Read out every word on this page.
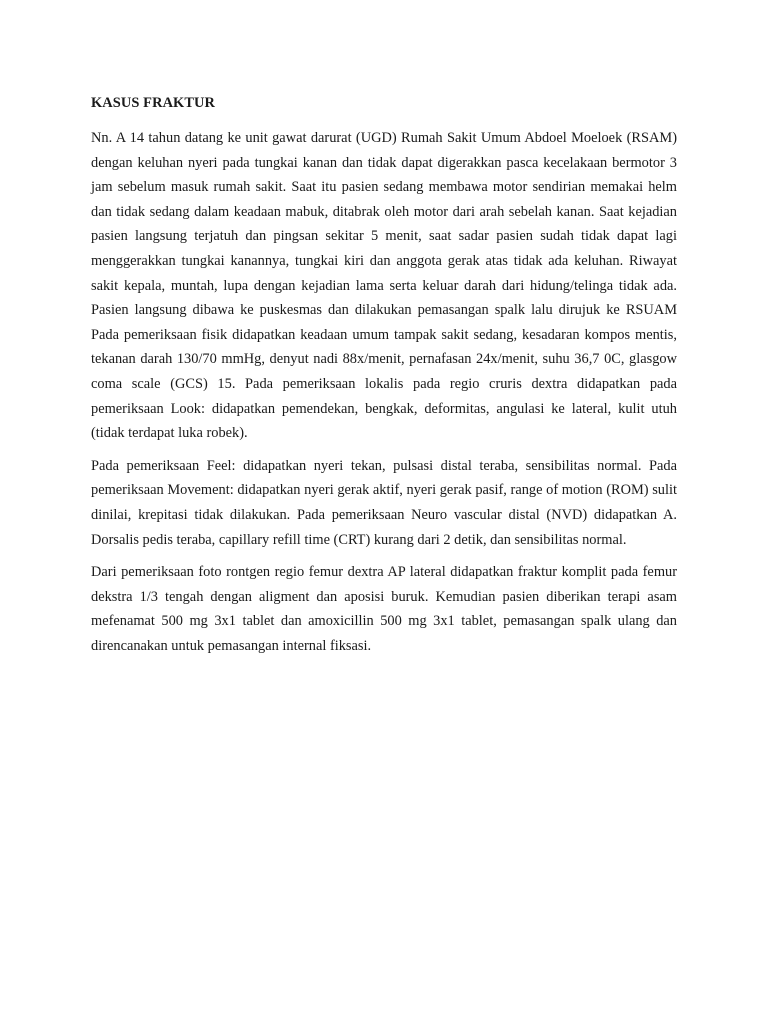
KASUS FRAKTUR

Nn. A 14 tahun datang ke unit gawat darurat (UGD) Rumah Sakit Umum Abdoel Moeloek (RSAM) dengan keluhan nyeri pada tungkai kanan dan tidak dapat digerakkan pasca kecelakaan bermotor 3 jam sebelum masuk rumah sakit. Saat itu pasien sedang membawa motor sendirian memakai helm dan tidak sedang dalam keadaan mabuk, ditabrak oleh motor dari arah sebelah kanan. Saat kejadian pasien langsung terjatuh dan pingsan sekitar 5 menit, saat sadar pasien sudah tidak dapat lagi menggerakkan tungkai kanannya, tungkai kiri dan anggota gerak atas tidak ada keluhan. Riwayat sakit kepala, muntah, lupa dengan kejadian lama serta keluar darah dari hidung/telinga tidak ada. Pasien langsung dibawa ke puskesmas dan dilakukan pemasangan spalk lalu dirujuk ke RSUAM Pada pemeriksaan fisik didapatkan keadaan umum tampak sakit sedang, kesadaran kompos mentis, tekanan darah 130/70 mmHg, denyut nadi 88x/menit, pernafasan 24x/menit, suhu 36,7 0C, glasgow coma scale (GCS) 15. Pada pemeriksaan lokalis pada regio cruris dextra didapatkan pada pemeriksaan Look: didapatkan pemendekan, bengkak, deformitas, angulasi ke lateral, kulit utuh (tidak terdapat luka robek).

Pada pemeriksaan Feel: didapatkan nyeri tekan, pulsasi distal teraba, sensibilitas normal. Pada pemeriksaan Movement: didapatkan nyeri gerak aktif, nyeri gerak pasif, range of motion (ROM) sulit dinilai, krepitasi tidak dilakukan. Pada pemeriksaan Neuro vascular distal (NVD) didapatkan A. Dorsalis pedis teraba, capillary refill time (CRT) kurang dari 2 detik, dan sensibilitas normal.

Dari pemeriksaan foto rontgen regio femur dextra AP lateral didapatkan fraktur komplit pada femur dekstra 1/3 tengah dengan aligment dan aposisi buruk. Kemudian pasien diberikan terapi asam mefenamat 500 mg 3x1 tablet dan amoxicillin 500 mg 3x1 tablet, pemasangan spalk ulang dan direncanakan untuk pemasangan internal fiksasi.
